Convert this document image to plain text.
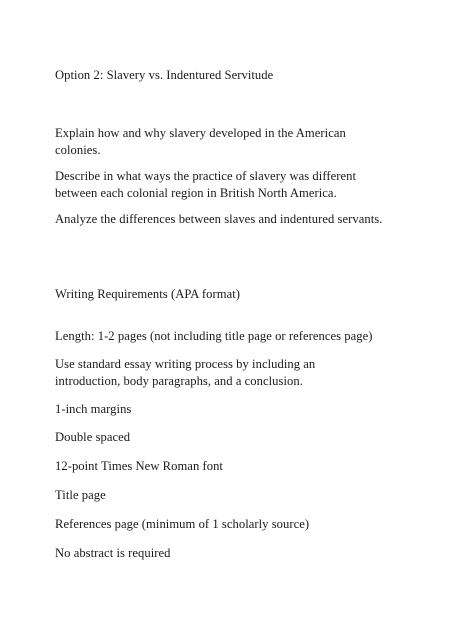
Option 2: Slavery vs. Indentured Servitude
Explain how and why slavery developed in the American
colonies.
Describe in what ways the practice of slavery was different
between each colonial region in British North America.
Analyze the differences between slaves and indentured servants.
Writing Requirements (APA format)
Length: 1-2 pages (not including title page or references page)
Use standard essay writing process by including an
introduction, body paragraphs, and a conclusion.
1-inch margins
Double spaced
12-point Times New Roman font
Title page
References page (minimum of 1 scholarly source)
No abstract is required
